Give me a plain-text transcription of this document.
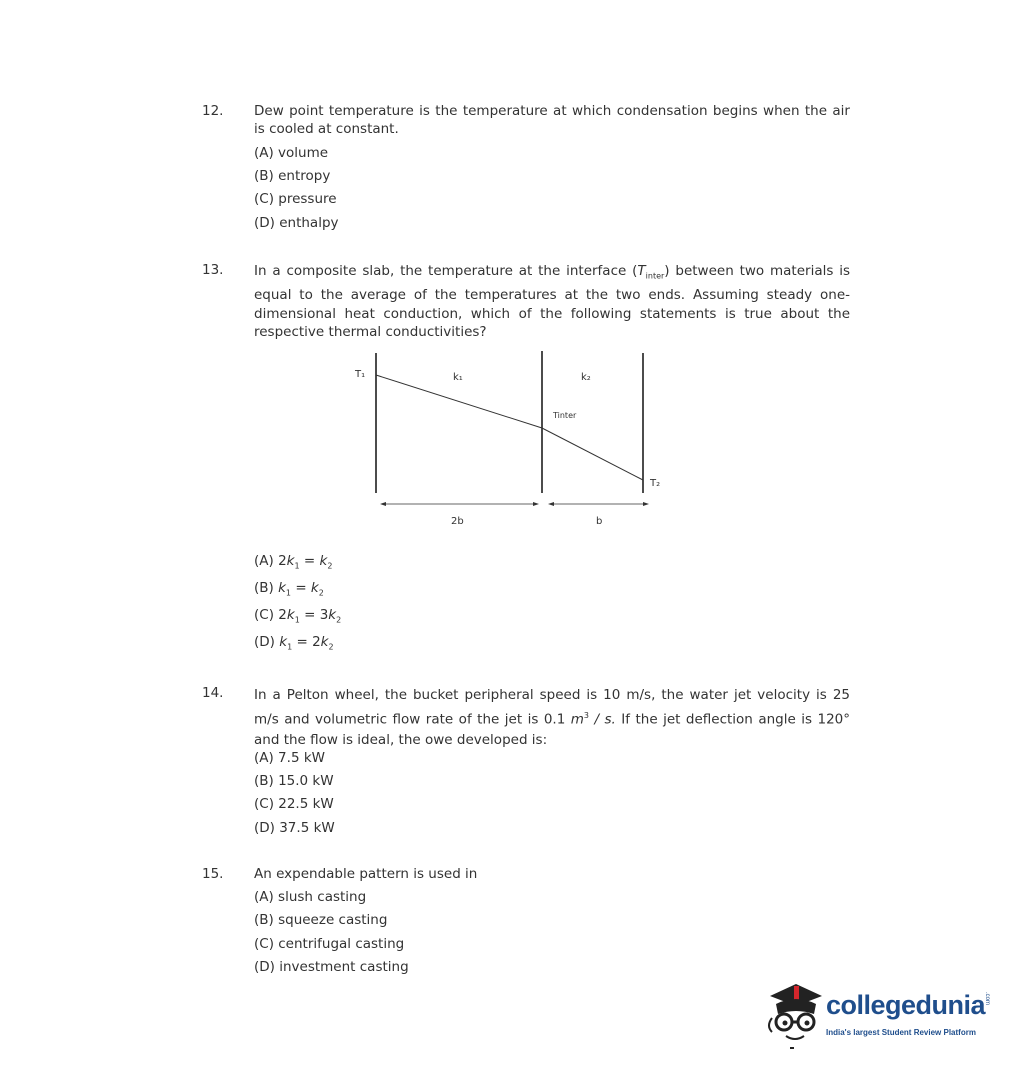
12. Dew point temperature is the temperature at which condensation begins when the air is cooled at constant.
(A) volume
(B) entropy
(C) pressure
(D) enthalpy
13. In a composite slab, the temperature at the interface $(T_{inter})$ between two materials is equal to the average of the temperatures at the two ends. Assuming steady one-dimensional heat conduction, which of the following statements is true about the respective thermal conductivities?
T₁	k₁	k₂
Tinter
T₂
2b	b
(A) $2k_1 = k_2$
(B) $k_1 = k_2$
(C) $2k_1 = 3k_2$
(D) $k_1 = 2k_2$
14. In a Pelton wheel, the bucket peripheral speed is 10 m/s, the water jet velocity is 25 m/s and volumetric flow rate of the jet is 0.1 $m^3$ / s. If the jet deflection angle is 120° and the flow is ideal, the owe developed is:
(A) 7.5 kW
(B) 15.0 kW
(C) 22.5 kW
(D) 37.5 kW
15. An expendable pattern is used in
(A) slush casting
(B) squeeze casting
(C) centrifugal casting
(D) investment casting
collegedunia
.com
India's largest Student Review Platform
